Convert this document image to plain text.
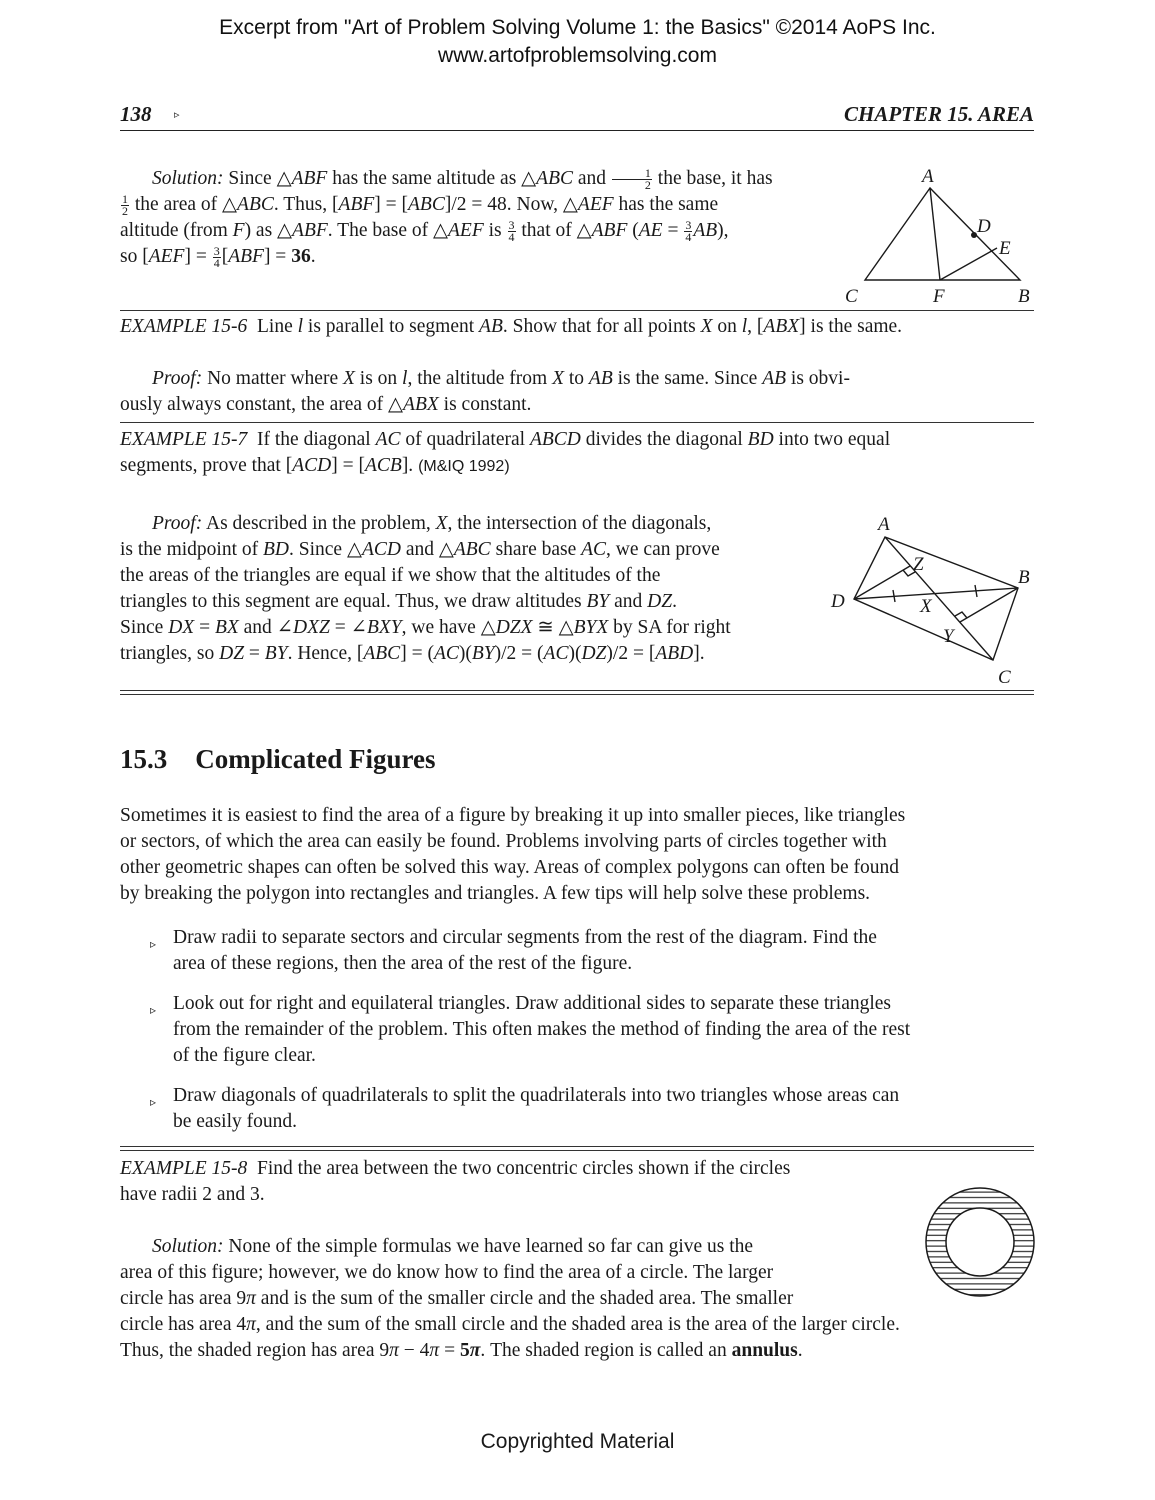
Excerpt from "Art of Problem Solving Volume 1: the Basics" ©2014 AoPS Inc.
www.artofproblemsolving.com
138 ▹	CHAPTER 15. AREA
Solution: Since △ABF has the same altitude as △ABC and $\frac{1}{2}$ the base, it has
$\frac{1}{2}$ the area of △ABC. Thus, [ABF] = [ABC]/2 = 48. Now, △AEF has the same
altitude (from F) as △ABF. The base of △AEF is $\frac{3}{4}$ that of △ABF $(AE = \frac{3}{4} AB)$,
so $[AEF] = \frac{3}{4} [ABF] = 36$.
A
D
E
C	F	B
EXAMPLE 15-6  Line l is parallel to segment AB. Show that for all points X on l, [ABX] is the same.
Proof: No matter where X is on l, the altitude from X to AB is the same. Since AB is obvi-
ously always constant, the area of △ABX is constant.
EXAMPLE 15-7  If the diagonal AC of quadrilateral ABCD divides the diagonal BD into two equal
segments, prove that [ACD] = [ACB]. (M&IQ 1992)
Proof: As described in the problem, X, the intersection of the diagonals,
is the midpoint of BD. Since △ACD and △ABC share base AC, we can prove
the areas of the triangles are equal if we show that the altitudes of the
triangles to this segment are equal. Thus, we draw altitudes BY and DZ.
Since DX = BX and ∠DXZ = ∠BXY, we have △DZX ≅ △BYX by SA for right
triangles, so DZ = BY. Hence, [ABC] = (AC)(BY)/2 = (AC)(DZ)/2 = [ABD].
A
Z
B
D	X
Y
C
15.3 Complicated Figures
Sometimes it is easiest to find the area of a figure by breaking it up into smaller pieces, like triangles
or sectors, of which the area can easily be found. Problems involving parts of circles together with
other geometric shapes can often be solved this way. Areas of complex polygons can often be found
by breaking the polygon into rectangles and triangles. A few tips will help solve these problems.
▹ Draw radii to separate sectors and circular segments from the rest of the diagram. Find the
area of these regions, then the area of the rest of the figure.
▹ Look out for right and equilateral triangles. Draw additional sides to separate these triangles
from the remainder of the problem. This often makes the method of finding the area of the rest
of the figure clear.
▹ Draw diagonals of quadrilaterals to split the quadrilaterals into two triangles whose areas can
be easily found.
EXAMPLE 15-8 Find the area between the two concentric circles shown if the circles
have radii 2 and 3.
Solution: None of the simple formulas we have learned so far can give us the
area of this figure; however, we do know how to find the area of a circle. The larger
circle has area 9π and is the sum of the smaller circle and the shaded area. The smaller
circle has area 4π, and the sum of the small circle and the shaded area is the area of the larger circle.
Thus, the shaded region has area 9π − 4π = 5π. The shaded region is called an annulus.
Copyrighted Material
